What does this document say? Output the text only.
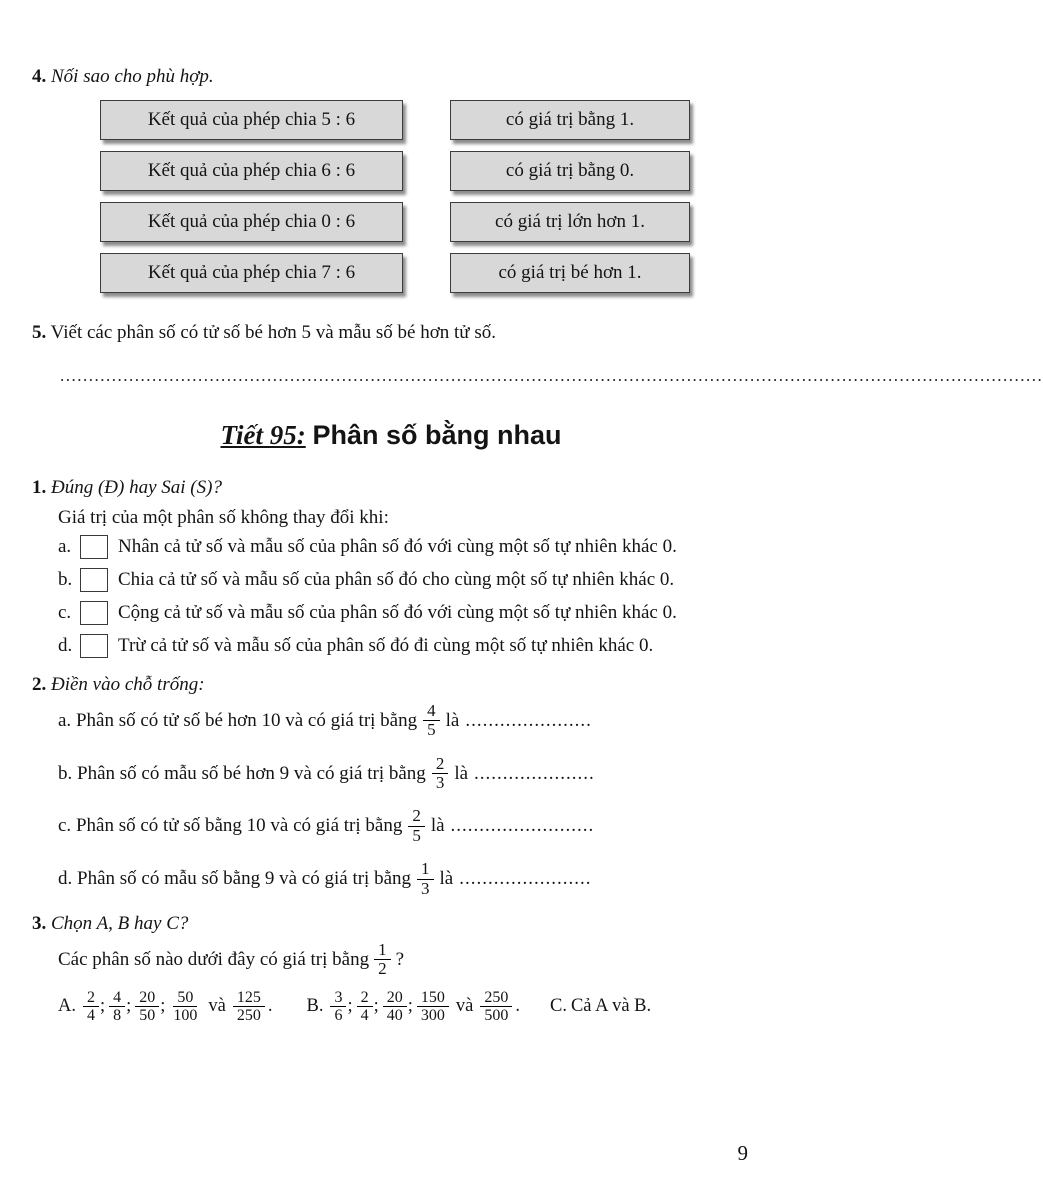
4. Nối sao cho phù hợp.
Kết quả của phép chia 5 : 6
Kết quả của phép chia 6 : 6
Kết quả của phép chia 0 : 6
Kết quả của phép chia 7 : 6
có giá trị bằng 1.
có giá trị bằng 0.
có giá trị lớn hơn 1.
có giá trị bé hơn 1.
5. Viết các phân số có tử số bé hơn 5 và mẫu số bé hơn tử số.
...........................................................................................................................................................................
Tiết 95: Phân số bằng nhau
1. Đúng (Đ) hay Sai (S)?
Giá trị của một phân số không thay đổi khi:
a.	Nhân cả tử số và mẫu số của phân số đó với cùng một số tự nhiên khác 0.
b.	Chia cả tử số và mẫu số của phân số đó cho cùng một số tự nhiên khác 0.
c.	Cộng cả tử số và mẫu số của phân số đó với cùng một số tự nhiên khác 0.
d.	Trừ cả tử số và mẫu số của phân số đó đi cùng một số tự nhiên khác 0.
2. Điền vào chỗ trống:
a.
Phân số có tử số bé hơn 10 và có giá trị bằng $\frac{4}{5}$ là ......................
b.
Phân số có mẫu số bé hơn 9 và có giá trị bằng $\frac{2}{3}$ là .....................
c.
Phân số có tử số bằng 10 và có giá trị bằng $\frac{2}{5}$ là .........................
d.
Phân số có mẫu số bằng 9 và có giá trị bằng $\frac{1}{3}$ là .......................
3. Chọn A, B hay C?
Các phân số nào dưới đây có giá trị bằng $\frac{1}{2}$ ?
A. $\frac{2}{4}$ ; $\frac{4}{8}$ ; $\frac{20}{50}$ ; $\frac{50}{100}$ và $\frac{125}{250}$ . B. $\frac{3}{6}$ ; $\frac{2}{4}$ ; $\frac{20}{40}$ ; $\frac{150}{300}$ và $\frac{250}{500}$ . C. Cả A và B.
9
